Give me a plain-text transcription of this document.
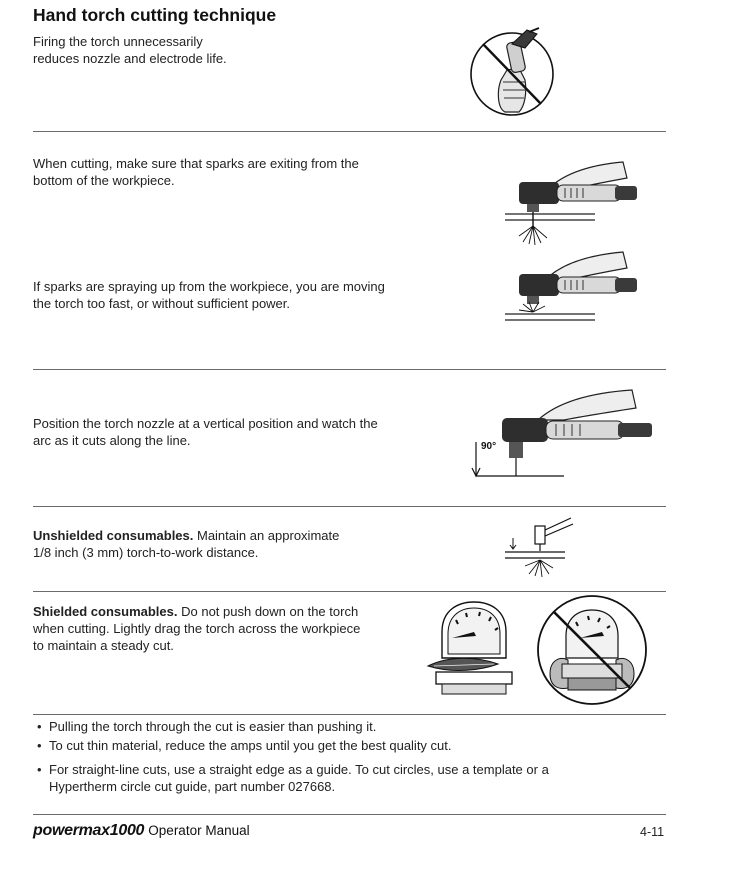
Hand torch cutting technique
Firing the torch unnecessarily
reduces nozzle and electrode life.
When cutting, make sure that sparks are exiting from the
bottom of the workpiece.
If sparks are spraying up from the workpiece, you are moving
the torch too fast, or without sufficient power.
Position the torch nozzle at a vertical position and watch the
arc as it cuts along the line.	90°
Unshielded consumables. Maintain an approximate
1/8 inch (3 mm) torch-to-work distance.
Shielded consumables. Do not push down on the torch
when cutting. Lightly drag the torch across the workpiece
to maintain a steady cut.
• Pulling the torch through the cut is easier than pushing it.
• To cut thin material, reduce the amps until you get the best quality cut.
• For straight-line cuts, use a straight edge as a guide. To cut circles, use a template or a
Hypertherm circle cut guide, part number 027668.
powermax1000 Operator Manual	4-11
